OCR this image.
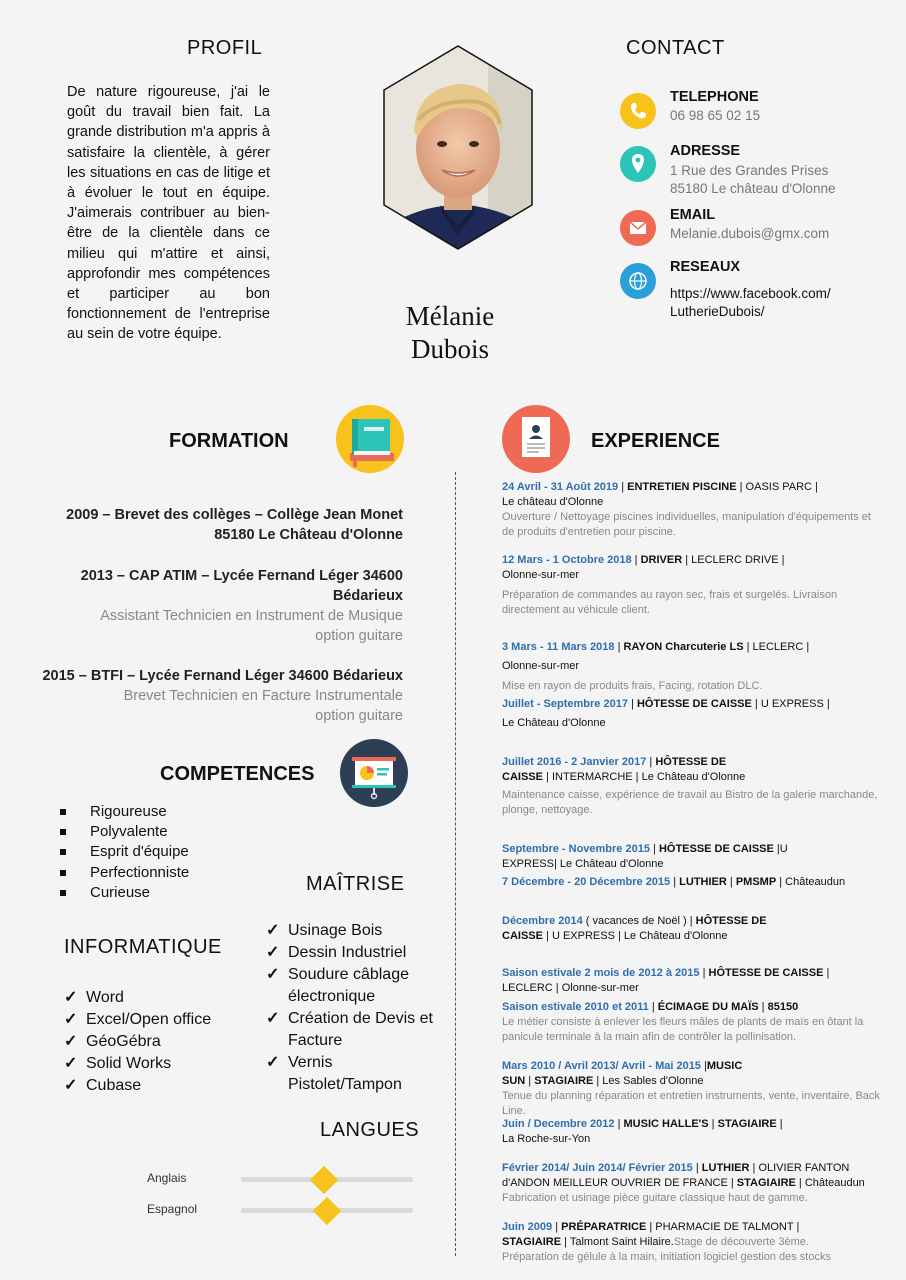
PROFIL
De nature rigoureuse, j'ai le goût du travail bien fait. La grande distribution m'a appris à satisfaire la clientèle, à gérer les situations en cas de litige et à évoluer le tout en équipe. J'aimerais contribuer au bien-être de la clientèle dans ce milieu qui m'attire et ainsi, approfondir mes compétences et participer au bon fonctionnement de l'entreprise au sein de votre équipe.
Mélanie
Dubois
CONTACT
TELEPHONE
06 98 65 02 15
ADRESSE
1 Rue des Grandes Prises
85180 Le château d'Olonne
EMAIL
Melanie.dubois@gmx.com
RESEAUX
https://www.facebook.com/
LutherieDubois/
FORMATION
2009 – Brevet des collèges – Collège Jean Monet
85180 Le Château d'Olonne
2013 – CAP ATIM – Lycée Fernand Léger 34600
Bédarieux
Assistant Technicien en Instrument de Musique
option guitare
2015 – BTFI – Lycée Fernand Léger 34600 Bédarieux
Brevet Technicien en Facture Instrumentale
option guitare
COMPETENCES
Rigoureuse
Polyvalente
Esprit d'équipe
Perfectionniste
Curieuse	MAÎTRISE
✓ Usinage Bois
✓ Dessin Industriel
✓ Soudure câblage électronique
✓ Création de Devis et Facture
✓ Vernis Pistolet/Tampon
INFORMATIQUE
✓ Word
✓ Excel/Open office
✓ GéoGébra
✓ Solid Works
✓ Cubase
LANGUES
Anglais
Espagnol
EXPERIENCE
24 Avril - 31 Août 2019 | ENTRETIEN PISCINE | OASIS PARC |
Le château d'Olonne
Ouverture / Nettoyage piscines individuelles, manipulation d'équipements et de produits d'entretien pour piscine.
12 Mars - 1 Octobre 2018 | DRIVER | LECLERC DRIVE |
Olonne-sur-mer
Préparation de commandes au rayon sec, frais et surgelés. Livraison directement au véhicule client.
3 Mars - 11 Mars 2018 | RAYON Charcuterie LS | LECLERC |
Olonne-sur-mer
Mise en rayon de produits frais, Facing, rotation DLC.
Juillet - Septembre 2017 | HÔTESSE DE CAISSE | U EXPRESS |
Le Château d'Olonne
Juillet 2016 - 2 Janvier 2017 | HÔTESSE DE
CAISSE | INTERMARCHE | Le Château d'Olonne
Maintenance caisse, expérience de travail au Bistro de la galerie marchande, plonge, nettoyage.
Septembre - Novembre 2015 | HÔTESSE DE CAISSE |U
EXPRESS| Le Château d'Olonne
7 Décembre - 20 Décembre 2015 | LUTHIER | PMSMP | Châteaudun
Décembre 2014 ( vacances de Noël ) | HÔTESSE DE
CAISSE | U EXPRESS | Le Château d'Olonne
Saison estivale 2 mois de 2012 à 2015 | HÔTESSE DE CAISSE |
LECLERC | Olonne-sur-mer
Saison estivale 2010 et 2011 | ÉCIMAGE DU MAÏS | 85150
Le métier consiste à enlever les fleurs mâles de plants de maïs en ôtant la panicule terminale à la main afin de contrôler la pollinisation.
Mars 2010 / Avril 2013/ Avril - Mai 2015 |MUSIC
SUN | STAGIAIRE | Les Sables d'Olonne
Tenue du planning réparation et entretien instruments, vente, inventaire, Back Line.
Juin / Decembre 2012 | MUSIC HALLE'S | STAGIAIRE |
La Roche-sur-Yon
Février 2014/ Juin 2014/ Février 2015 | LUTHIER | OLIVIER FANTON
d'ANDON MEILLEUR OUVRIER DE FRANCE | STAGIAIRE | Châteaudun
Fabrication et usinage pièce guitare classique haut de gamme.
Juin 2009 | PRÉPARATRICE | PHARMACIE DE TALMONT |
STAGIAIRE | Talmont Saint Hilaire.Stage de découverte 3ème.
Préparation de gélule à la main, initiation logiciel gestion des stocks
